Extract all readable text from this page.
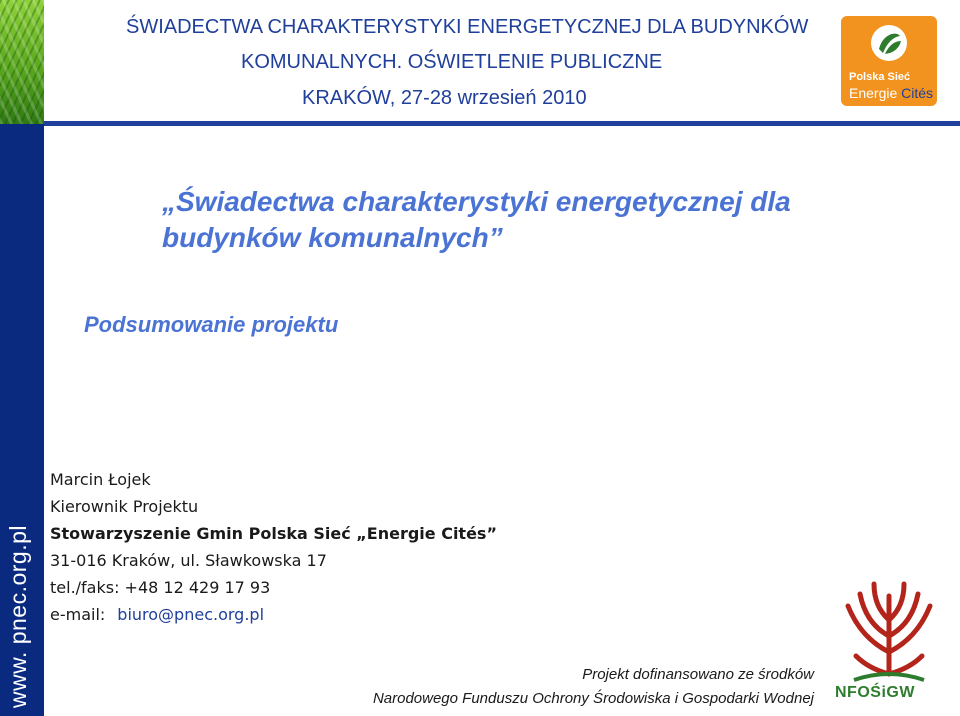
www. pnec.org.pl
ŚWIADECTWA CHARAKTERYSTYKI ENERGETYCZNEJ DLA BUDYNKÓW
KOMUNALNYCH. OŚWIETLENIE PUBLICZNE
KRAKÓW, 27-28 wrzesień 2010
Polska Sieć
Energie Cités
„Świadectwa charakterystyki energetycznej dla budynków komunalnych”
Podsumowanie projektu
Marcin Łojek
Kierownik Projektu
Stowarzyszenie Gmin Polska Sieć „Energie Cités”
31-016 Kraków, ul. Sławkowska 17
tel./faks: +48 12 429 17 93
e-mail: biuro@pnec.org.pl
Projekt dofinansowano ze środków
Narodowego Funduszu Ochrony Środowiska i Gospodarki Wodnej NFOŚiGW
